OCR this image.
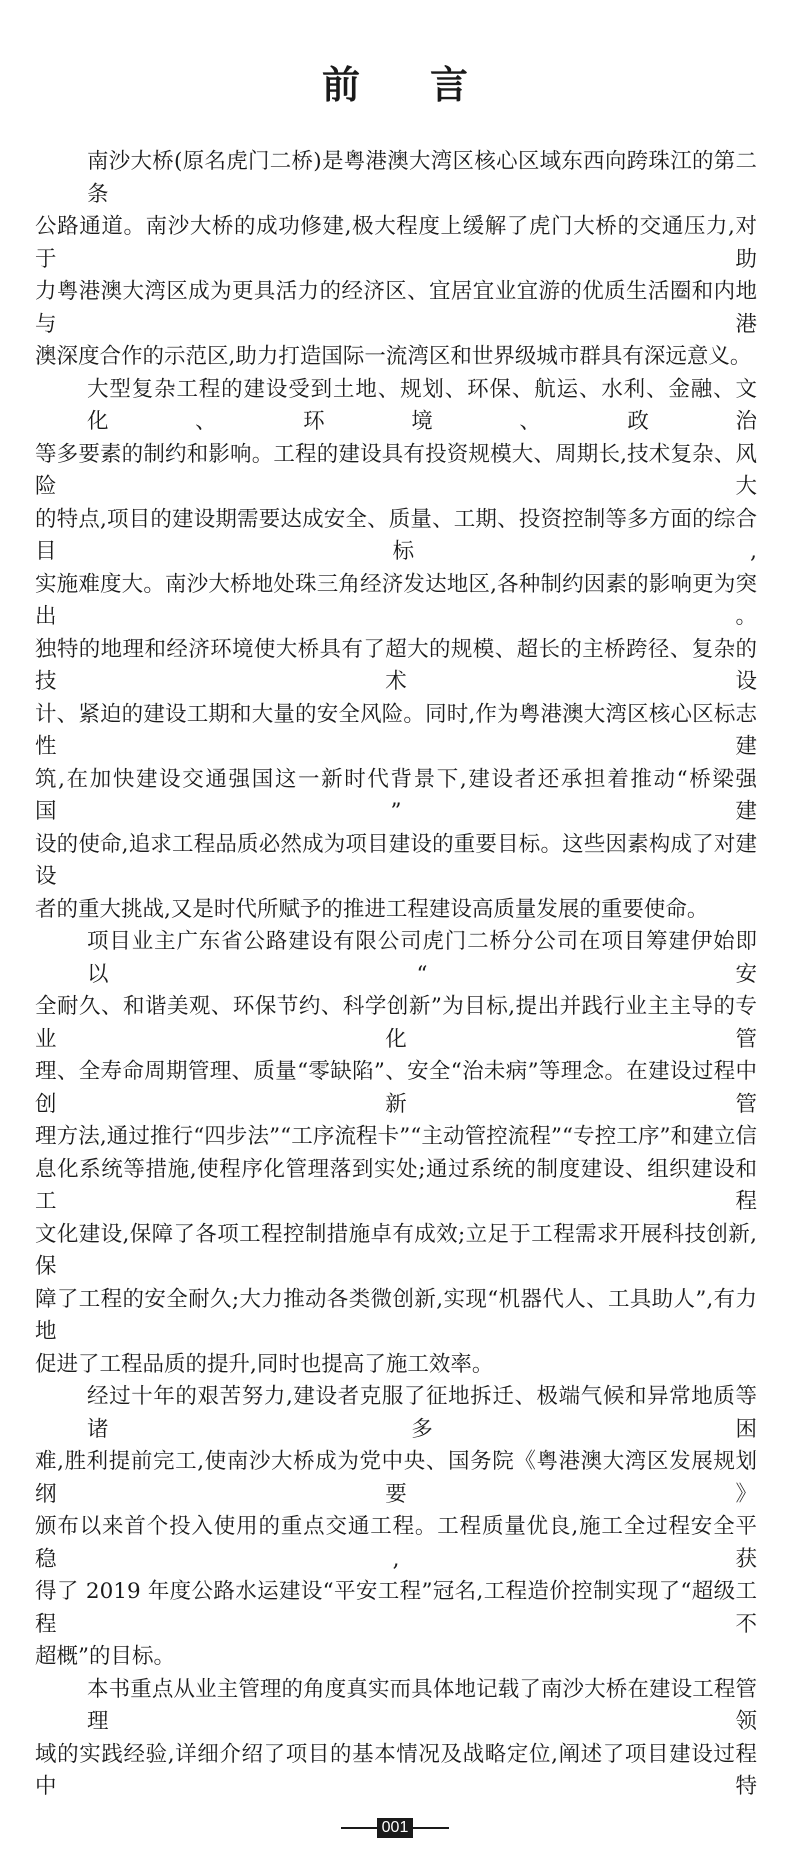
前言
南沙大桥(原名虎门二桥)是粤港澳大湾区核心区域东西向跨珠江的第二条
公路通道。南沙大桥的成功修建,极大程度上缓解了虎门大桥的交通压力,对于助
力粤港澳大湾区成为更具活力的经济区、宜居宜业宜游的优质生活圈和内地与港
澳深度合作的示范区,助力打造国际一流湾区和世界级城市群具有深远意义。
大型复杂工程的建设受到土地、规划、环保、航运、水利、金融、文化、环境、政治
等多要素的制约和影响。工程的建设具有投资规模大、周期长,技术复杂、风险大
的特点,项目的建设期需要达成安全、质量、工期、投资控制等多方面的综合目标,
实施难度大。南沙大桥地处珠三角经济发达地区,各种制约因素的影响更为突出。
独特的地理和经济环境使大桥具有了超大的规模、超长的主桥跨径、复杂的技术设
计、紧迫的建设工期和大量的安全风险。同时,作为粤港澳大湾区核心区标志性建
筑,在加快建设交通强国这一新时代背景下,建设者还承担着推动“桥梁强国”建
设的使命,追求工程品质必然成为项目建设的重要目标。这些因素构成了对建设
者的重大挑战,又是时代所赋予的推进工程建设高质量发展的重要使命。
项目业主广东省公路建设有限公司虎门二桥分公司在项目筹建伊始即以“安
全耐久、和谐美观、环保节约、科学创新”为目标,提出并践行业主主导的专业化管
理、全寿命周期管理、质量“零缺陷”、安全“治未病”等理念。在建设过程中创新管
理方法,通过推行“四步法”“工序流程卡”“主动管控流程”“专控工序”和建立信
息化系统等措施,使程序化管理落到实处;通过系统的制度建设、组织建设和工程
文化建设,保障了各项工程控制措施卓有成效;立足于工程需求开展科技创新,保
障了工程的安全耐久;大力推动各类微创新,实现“机器代人、工具助人”,有力地
促进了工程品质的提升,同时也提高了施工效率。
经过十年的艰苦努力,建设者克服了征地拆迁、极端气候和异常地质等诸多困
难,胜利提前完工,使南沙大桥成为党中央、国务院《粤港澳大湾区发展规划纲要》
颁布以来首个投入使用的重点交通工程。工程质量优良,施工全过程安全平稳,获
得了 2019 年度公路水运建设“平安工程”冠名,工程造价控制实现了“超级工程不
超概”的目标。
本书重点从业主管理的角度真实而具体地记载了南沙大桥在建设工程管理领
域的实践经验,详细介绍了项目的基本情况及战略定位,阐述了项目建设过程中特
001
